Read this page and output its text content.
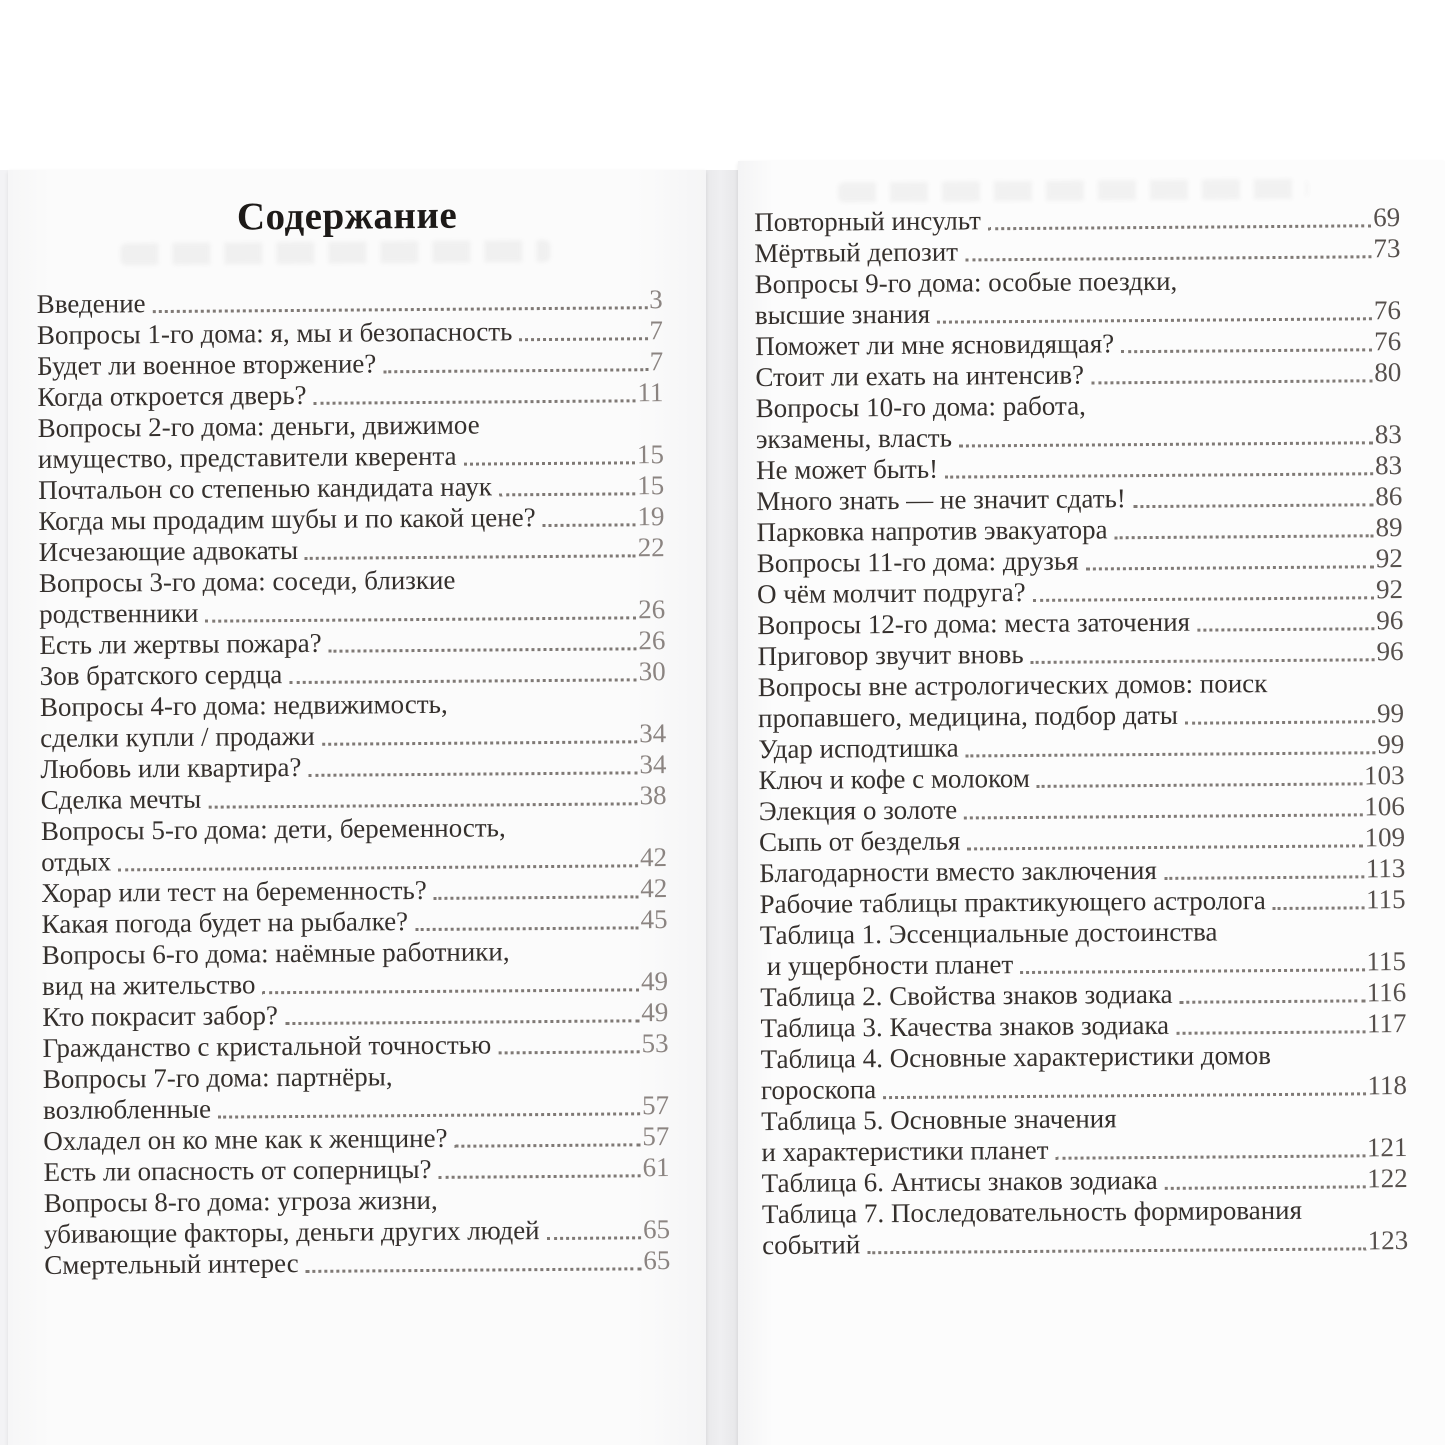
Содержание
Введение	3
Вопросы 1-го дома: я, мы и безопасность	7
Будет ли военное вторжение?	7
Когда откроется дверь?	11
Вопросы 2-го дома: деньги, движимое
имущество, представители кверента	15
Почтальон со степенью кандидата наук	15
Когда мы продадим шубы и по какой цене?	19
Исчезающие адвокаты	22
Вопросы 3-го дома: соседи, близкие
родственники	26
Есть ли жертвы пожара?	26
Зов братского сердца	30
Вопросы 4-го дома: недвижимость,
сделки купли / продажи	34
Любовь или квартира?	34
Сделка мечты	38
Вопросы 5-го дома: дети, беременность,
отдых	42
Хорар или тест на беременность?	42
Какая погода будет на рыбалке?	45
Вопросы 6-го дома: наёмные работники,
вид на жительство	49
Кто покрасит забор?	49
Гражданство с кристальной точностью	53
Вопросы 7-го дома: партнёры,
возлюбленные	57
Охладел он ко мне как к женщине?	57
Есть ли опасность от соперницы?	61
Вопросы 8-го дома: угроза жизни,
убивающие факторы, деньги других людей	65
Смертельный интерес	65
Повторный инсульт	69
Мёртвый депозит	73
Вопросы 9-го дома: особые поездки,
высшие знания	76
Поможет ли мне ясновидящая?	76
Стоит ли ехать на интенсив?	80
Вопросы 10-го дома: работа,
экзамены, власть	83
Не может быть!	83
Много знать — не значит сдать!	86
Парковка напротив эвакуатора	89
Вопросы 11-го дома: друзья	92
О чём молчит подруга?	92
Вопросы 12-го дома: места заточения	96
Приговор звучит вновь	96
Вопросы вне астрологических домов: поиск
пропавшего, медицина, подбор даты	99
Удар исподтишка	99
Ключ и кофе с молоком	103
Элекция о золоте	106
Сыпь от безделья	109
Благодарности вместо заключения	113
Рабочие таблицы практикующего астролога	115
Таблица 1. Эссенциальные достоинства
и ущербности планет	115
Таблица 2. Свойства знаков зодиака	116
Таблица 3. Качества знаков зодиака	117
Таблица 4. Основные характеристики домов
гороскопа	118
Таблица 5. Основные значения
и характеристики планет	121
Таблица 6. Антисы знаков зодиака	122
Таблица 7. Последовательность формирования
событий	123
